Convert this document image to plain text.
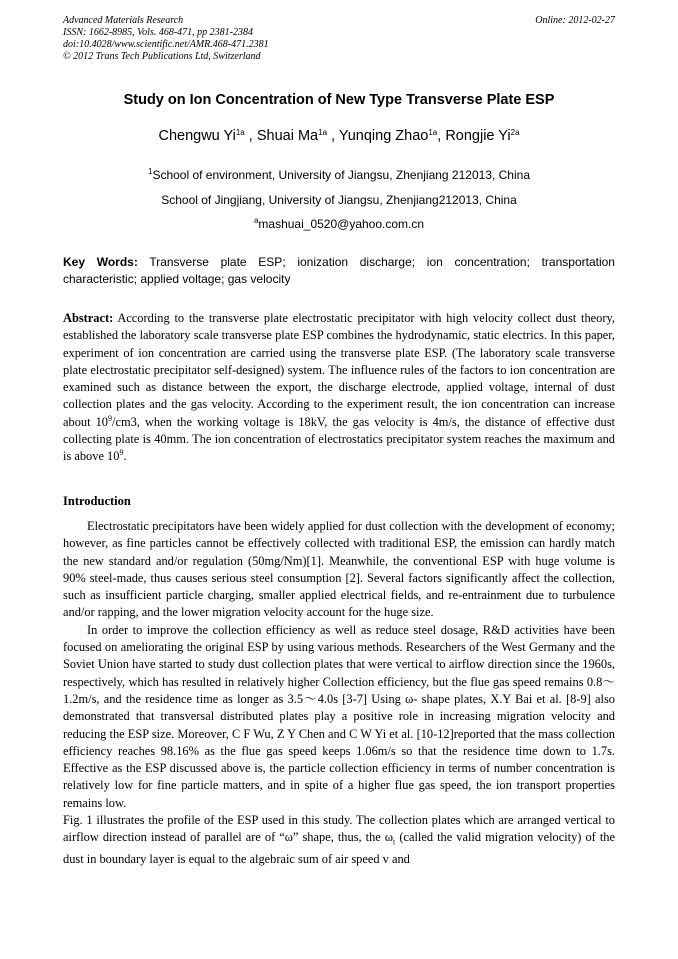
Advanced Materials Research
ISSN: 1662-8985, Vols. 468-471, pp 2381-2384
doi:10.4028/www.scientific.net/AMR.468-471.2381
© 2012 Trans Tech Publications Ltd, Switzerland
Online: 2012-02-27
Study on Ion Concentration of New Type Transverse Plate ESP
Chengwu $Yi^{1a}$ , Shuai $Ma^{1a}$ , Yunqing Zhao$^{1a}$, Rongjie $Yi^{2a}$
$^1$School of environment, University of Jiangsu, Zhenjiang 212013, China
School of Jingjiang, University of Jiangsu, Zhenjiang212013, China
$^a$mashuai_0520@yahoo.com.cn
Key Words: Transverse plate ESP; ionization discharge; ion concentration; transportation characteristic; applied voltage; gas velocity
Abstract: According to the transverse plate electrostatic precipitator with high velocity collect dust theory, established the laboratory scale transverse plate ESP combines the hydrodynamic, static electrics. In this paper, experiment of ion concentration are carried using the transverse plate ESP. (The laboratory scale transverse plate electrostatic precipitator self-designed) system. The influence rules of the factors to ion concentration are examined such as distance between the export, the discharge electrode, applied voltage, internal of dust collection plates and the gas velocity. According to the experiment result, the ion concentration can increase about $10^9/cm3$, when the working voltage is 18kV, the gas velocity is 4m/s, the distance of effective dust collecting plate is 40mm. The ion concentration of electrostatics precipitator system reaches the maximum and is above $10^9$.
Introduction

Electrostatic precipitators have been widely applied for dust collection with the development of economy; however, as fine particles cannot be effectively collected with traditional ESP, the emission can hardly match the new standard and/or regulation (50mg/Nm)[1]. Meanwhile, the conventional ESP with huge volume is 90% steel-made, thus causes serious steel consumption [2]. Several factors significantly affect the collection, such as insufficient particle charging, smaller applied electrical fields, and re-entrainment due to turbulence and/or rapping, and the lower migration velocity account for the huge size.

In order to improve the collection efficiency as well as reduce steel dosage, R&D activities have been focused on ameliorating the original ESP by using various methods. Researchers of the West Germany and the Soviet Union have started to study dust collection plates that were vertical to airflow direction since the 1960s, respectively, which has resulted in relatively higher Collection efficiency, but the flue gas speed remains 0.8～1.2m/s, and the residence time as longer as 3.5～4.0s [3-7] Using ω- shape plates, X.Y Bai et al. [8-9] also demonstrated that transversal distributed plates play a positive role in increasing migration velocity and reducing the ESP size. Moreover, C F Wu, Z Y Chen and C W Yi et al. [10-12]reported that the mass collection efficiency reaches 98.16% as the flue gas speed keeps 1.06m/s so that the residence time down to 1.7s. Effective as the ESP discussed above is, the particle collection efficiency in terms of number concentration is relatively low for fine particle matters, and in spite of a higher flue gas speed, the ion transport properties remains low.

Fig. 1 illustrates the profile of the ESP used in this study. The collection plates which are arranged vertical to airflow direction instead of parallel are of “ω” shape, thus, the $\omega_t$ (called the valid migration velocity) of the dust in boundary layer is equal to the algebraic sum of air speed v and
